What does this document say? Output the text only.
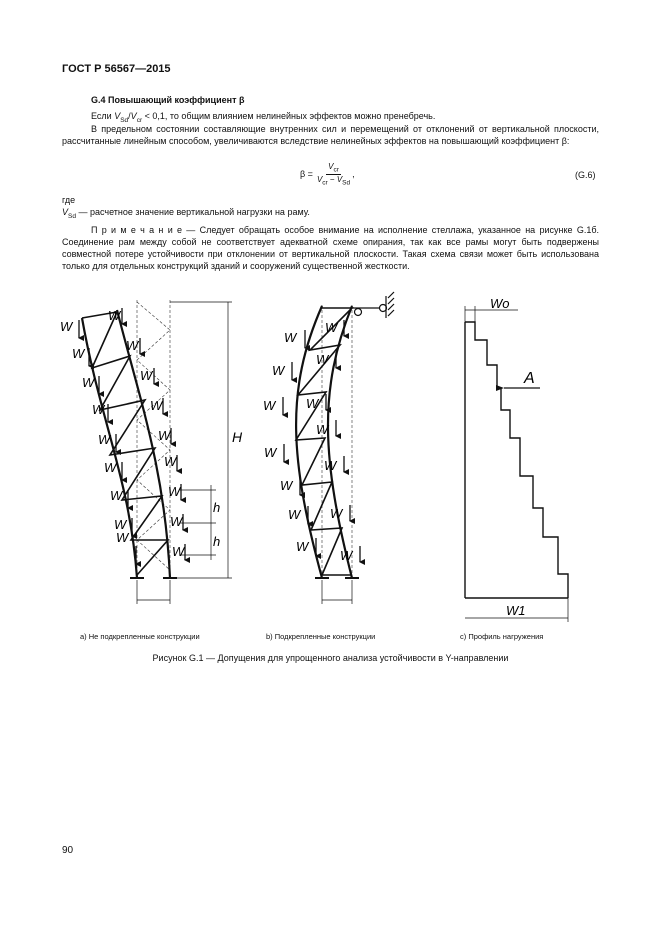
ГОСТ Р 56567—2015
G.4 Повышающий коэффициент β
Если $V_{Sd}/V_{cr} < 0,1$, то общим влиянием нелинейных эффектов можно пренебречь.
В предельном состоянии составляющие внутренних сил и перемещений от отклонений от вертикальной плоскости, рассчитанные линейным способом, увеличиваются вследствие нелинейных эффектов на повышающий коэффициент β:
β =
$V_{cr}$
$V_{cr} - V_{Sd}$
,	(G.6)
где
$V_{Sd}$ — расчетное значение вертикальной нагрузки на раму.
П р и м е ч а н и е — Следует обращать особое внимание на исполнение стеллажа, указанное на рисунке G.1б. Соединение рам между собой не соответствует адекватной схеме опирания, так как все рамы могут быть подвержены совместной потере устойчивости при отклонении от вертикальной плоскости. Такая схема связи может быть использована только для отдельных конструкций зданий и сооружений существенной жесткости.
H
h
h
W
W
W
W
W
W
W
W
W
W
W
W
W
W
W
W
W
W
W
W
W
W
W
W
W
W
W
W
W
W
W
W
Wo
A
W1
а) Не подкрепленные конструкции	b) Подкрепленные конструкции	c) Профиль нагружения
Рисунок G.1 — Допущения для упрощенного анализа устойчивости в Y-направлении
90
